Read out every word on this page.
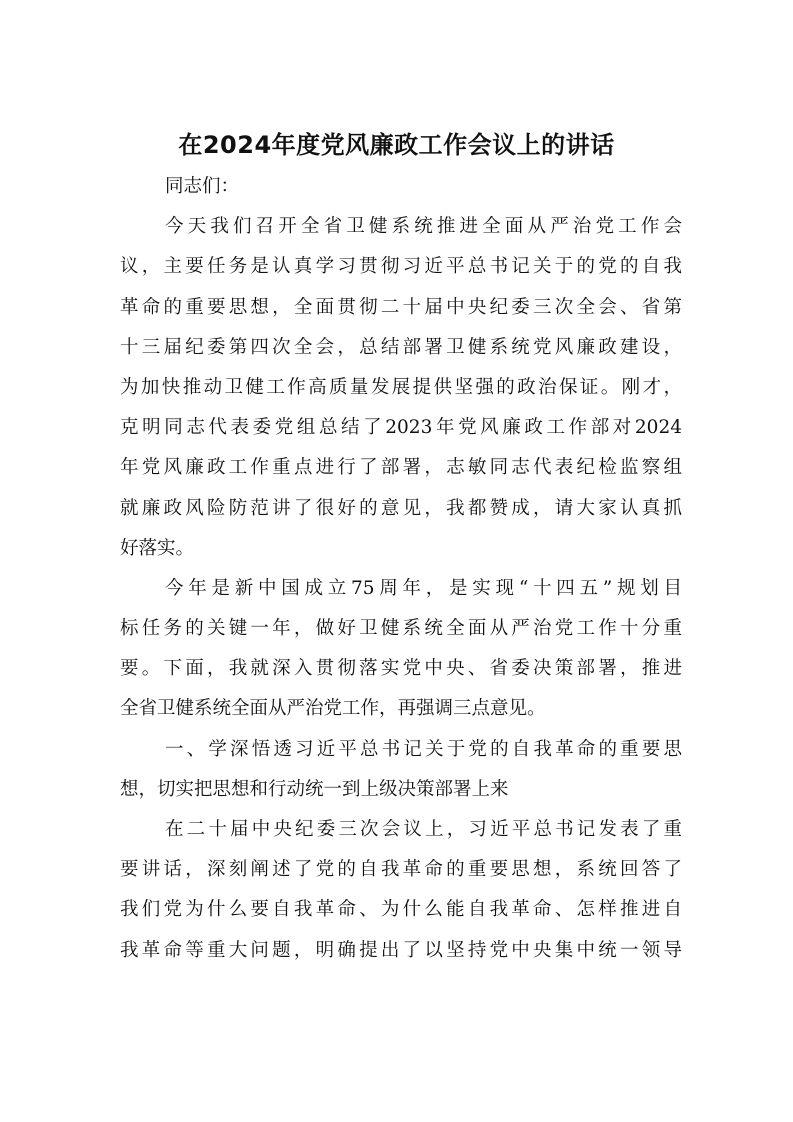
在2024年度党风廉政工作会议上的讲话
同志们：
今天我们召开全省卫健系统推进全面从严治党工作会
议，主要任务是认真学习贯彻习近平总书记关于的党的自我
革命的重要思想，全面贯彻二十届中央纪委三次全会、省第
十三届纪委第四次全会，总结部署卫健系统党风廉政建设，
为加快推动卫健工作高质量发展提供坚强的政治保证。刚才，
克明同志代表委党组总结了2023年党风廉政工作部对2024
年党风廉政工作重点进行了部署，志敏同志代表纪检监察组
就廉政风险防范讲了很好的意见，我都赞成，请大家认真抓
好落实。
今年是新中国成立75周年，是实现“十四五”规划目
标任务的关键一年，做好卫健系统全面从严治党工作十分重
要。下面，我就深入贯彻落实党中央、省委决策部署，推进
全省卫健系统全面从严治党工作，再强调三点意见。
一、学深悟透习近平总书记关于党的自我革命的重要思
想，切实把思想和行动统一到上级决策部署上来
在二十届中央纪委三次会议上，习近平总书记发表了重
要讲话，深刻阐述了党的自我革命的重要思想，系统回答了
我们党为什么要自我革命、为什么能自我革命、怎样推进自
我革命等重大问题，明确提出了以坚持党中央集中统一领导
